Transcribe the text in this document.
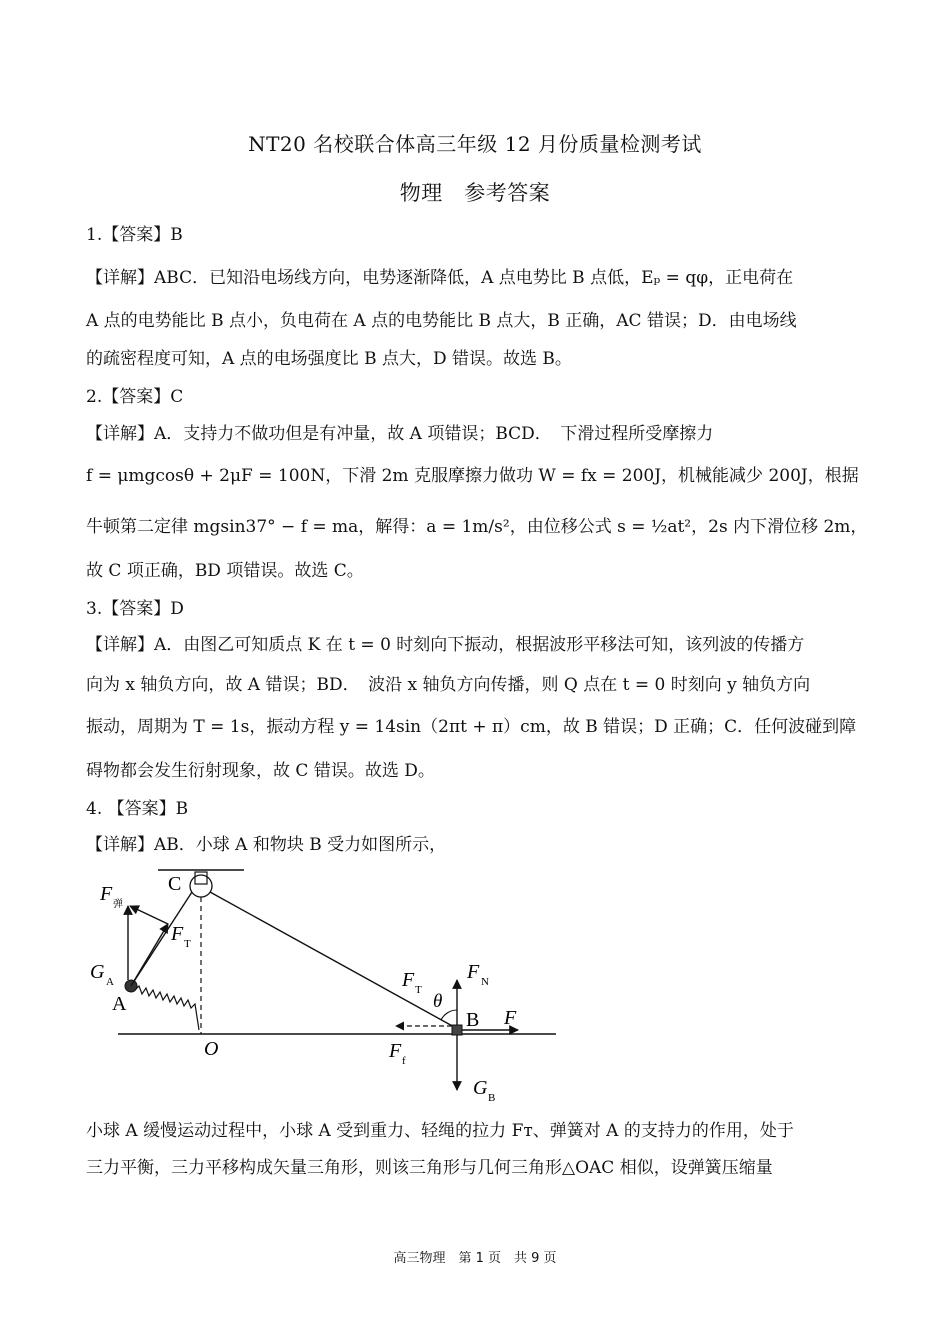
NT20 名校联合体高三年级 12 月份质量检测考试
物理　参考答案
1.【答案】B
【详解】ABC．已知沿电场线方向，电势逐渐降低，A 点电势比 B 点低，Eₚ = qφ，正电荷在
A 点的电势能比 B 点小，负电荷在 A 点的电势能比 B 点大，B 正确，AC 错误；D．由电场线
的疏密程度可知，A 点的电场强度比 B 点大，D 错误。故选 B。
2.【答案】C
【详解】A．支持力不做功但是有冲量，故 A 项错误；BCD．　下滑过程所受摩擦力
f = μmgcosθ + 2μF = 100N，下滑 2m 克服摩擦力做功 W = fx = 200J，机械能减少 200J，根据
牛顿第二定律 mgsin37° − f = ma，解得：a = 1m/s²，由位移公式 s = ½at²，2s 内下滑位移 2m，
故 C 项正确，BD 项错误。故选 C。
3.【答案】D
【详解】A．由图乙可知质点 K 在 t = 0 时刻向下振动，根据波形平移法可知，该列波的传播方
向为 x 轴负方向，故 A 错误；BD．　波沿 x 轴负方向传播，则 Q 点在 t = 0 时刻向 y 轴负方向
振动，周期为 T = 1s，振动方程 y = 14sin（2πt + π）cm，故 B 错误；D 正确；C．任何波碰到障
碍物都会发生衍射现象，故 C 错误。故选 D。
4. 【答案】B
【详解】AB．小球 A 和物块 B 受力如图所示，
C
F 弹
F T
G A
A
O
F T
F N
θ
B F
F f
G B
小球 A 缓慢运动过程中，小球 A 受到重力、轻绳的拉力 Fᴛ、弹簧对 A 的支持力的作用，处于
三力平衡，三力平移构成矢量三角形，则该三角形与几何三角形△OAC 相似，设弹簧压缩量
高三物理　第 1 页　共 9 页
